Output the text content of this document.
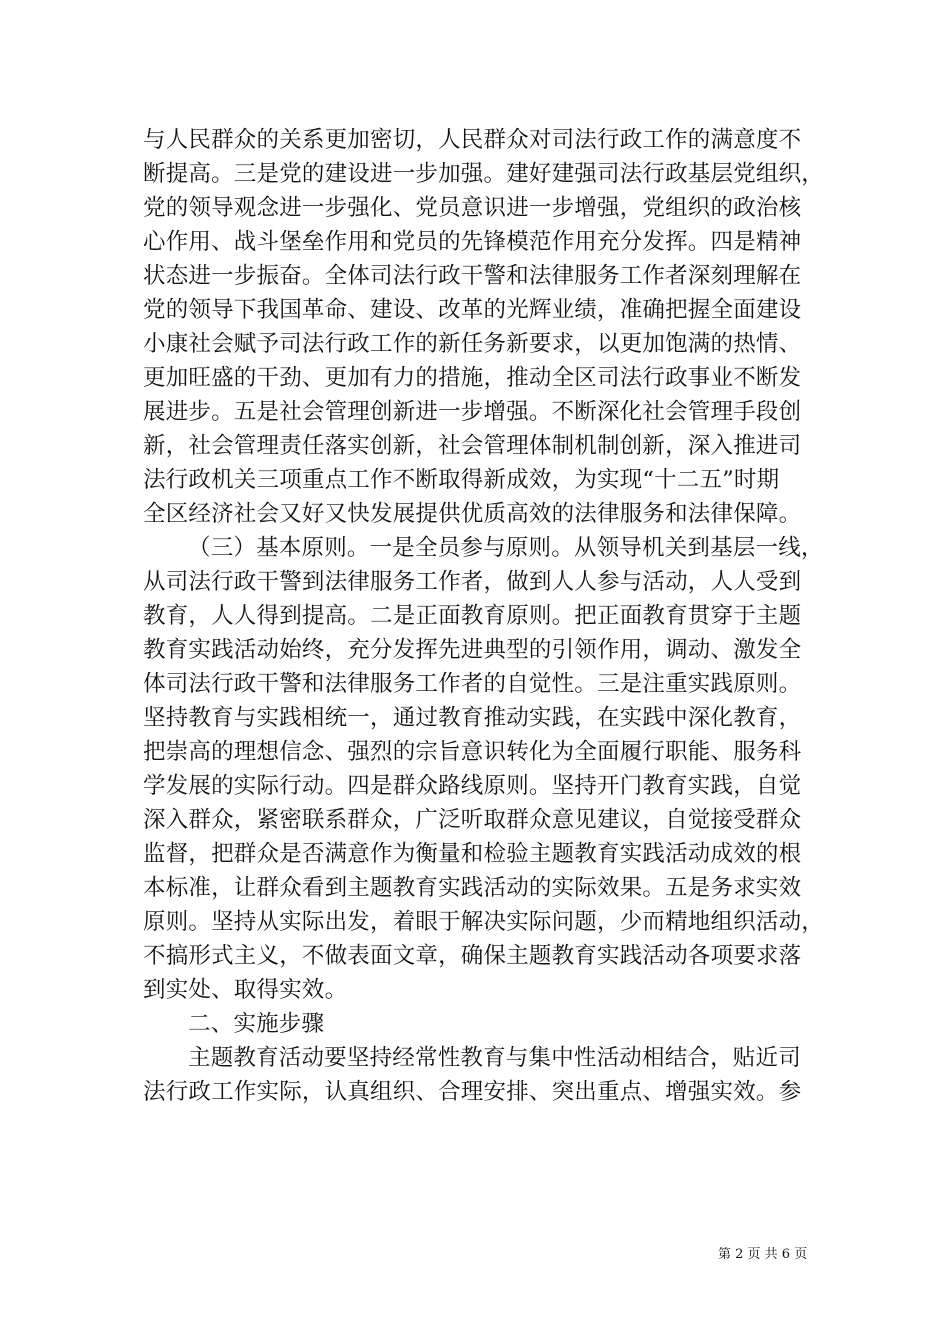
与人民群众的关系更加密切，人民群众对司法行政工作的满意度不
断提高。三是党的建设进一步加强。建好建强司法行政基层党组织，
党的领导观念进一步强化、党员意识进一步增强，党组织的政治核
心作用、战斗堡垒作用和党员的先锋模范作用充分发挥。四是精神
状态进一步振奋。全体司法行政干警和法律服务工作者深刻理解在
党的领导下我国革命、建设、改革的光辉业绩，准确把握全面建设
小康社会赋予司法行政工作的新任务新要求，以更加饱满的热情、
更加旺盛的干劲、更加有力的措施，推动全区司法行政事业不断发
展进步。五是社会管理创新进一步增强。不断深化社会管理手段创
新，社会管理责任落实创新，社会管理体制机制创新，深入推进司
法行政机关三项重点工作不断取得新成效，为实现“十二五”时期
全区经济社会又好又快发展提供优质高效的法律服务和法律保障。
（三）基本原则。一是全员参与原则。从领导机关到基层一线，
从司法行政干警到法律服务工作者，做到人人参与活动，人人受到
教育，人人得到提高。二是正面教育原则。把正面教育贯穿于主题
教育实践活动始终，充分发挥先进典型的引领作用，调动、激发全
体司法行政干警和法律服务工作者的自觉性。三是注重实践原则。
坚持教育与实践相统一，通过教育推动实践，在实践中深化教育，
把崇高的理想信念、强烈的宗旨意识转化为全面履行职能、服务科
学发展的实际行动。四是群众路线原则。坚持开门教育实践，自觉
深入群众，紧密联系群众，广泛听取群众意见建议，自觉接受群众
监督，把群众是否满意作为衡量和检验主题教育实践活动成效的根
本标准，让群众看到主题教育实践活动的实际效果。五是务求实效
原则。坚持从实际出发，着眼于解决实际问题，少而精地组织活动，
不搞形式主义，不做表面文章，确保主题教育实践活动各项要求落
到实处、取得实效。
二、实施步骤
主题教育活动要坚持经常性教育与集中性活动相结合，贴近司
法行政工作实际，认真组织、合理安排、突出重点、增强实效。参
第 2 页 共 6 页
